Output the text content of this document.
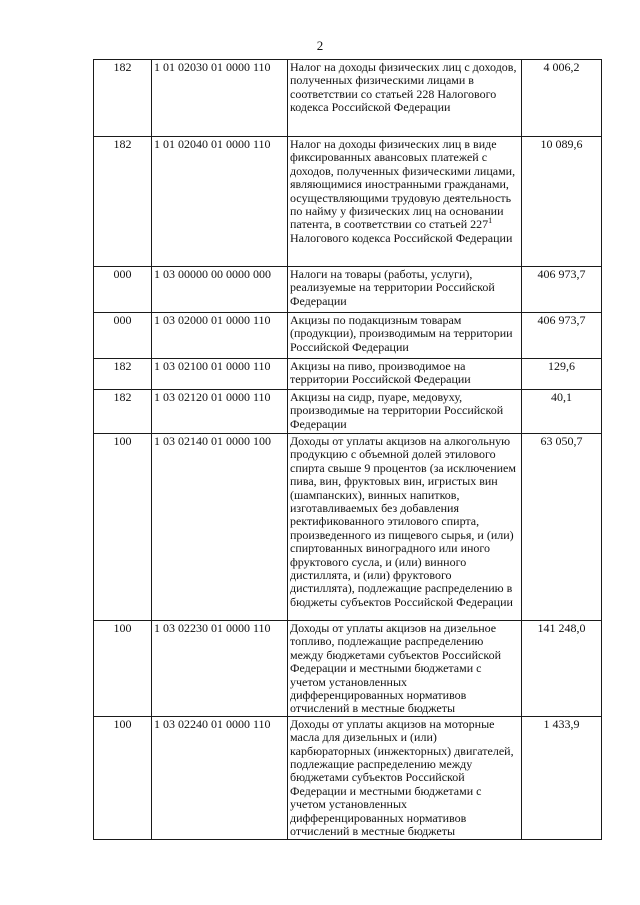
2
182	1 01 02030 01 0000 110	Налог на доходы физических лиц с доходов, полученных физическими лицами в соответствии со статьей 228 Налогового кодекса Российской Федерации	4 006,2
182	1 01 02040 01 0000 110	Налог на доходы физических лиц в виде фиксированных авансовых платежей с доходов, полученных физическими лицами, являющимися иностранными гражданами, осуществляющими трудовую деятельность по найму у физических лиц на основании патента, в соответствии со статьей $227^1$ Налогового кодекса Российской Федерации	10 089,6
000	1 03 00000 00 0000 000	Налоги на товары (работы, услуги), реализуемые на территории Российской Федерации	406 973,7
000	1 03 02000 01 0000 110	Акцизы по подакцизным товарам (продукции), производимым на территории Российской Федерации	406 973,7
182	1 03 02100 01 0000 110	Акцизы на пиво, производимое на территории Российской Федерации	129,6
182	1 03 02120 01 0000 110	Акцизы на сидр, пуаре, медовуху, производимые на территории Российской Федерации	40,1
100	1 03 02140 01 0000 100	Доходы от уплаты акцизов на алкогольную продукцию с объемной долей этилового спирта свыше 9 процентов (за исключением пива, вин, фруктовых вин, игристых вин (шампанских), винных напитков, изготавливаемых без добавления ректификованного этилового спирта, произведенного из пищевого сырья, и (или) спиртованных виноградного или иного фруктового сусла, и (или) винного дистиллята, и (или) фруктового дистиллята), подлежащие распределению в бюджеты субъектов Российской Федерации	63 050,7
100	1 03 02230 01 0000 110	Доходы от уплаты акцизов на дизельное топливо, подлежащие распределению между бюджетами субъектов Российской Федерации и местными бюджетами с учетом установленных дифференцированных нормативов отчислений в местные бюджеты	141 248,0
100	1 03 02240 01 0000 110	Доходы от уплаты акцизов на моторные масла для дизельных и (или) карбюраторных (инжекторных) двигателей, подлежащие распределению между бюджетами субъектов Российской Федерации и местными бюджетами с учетом установленных дифференцированных нормативов отчислений в местные бюджеты	1 433,9
